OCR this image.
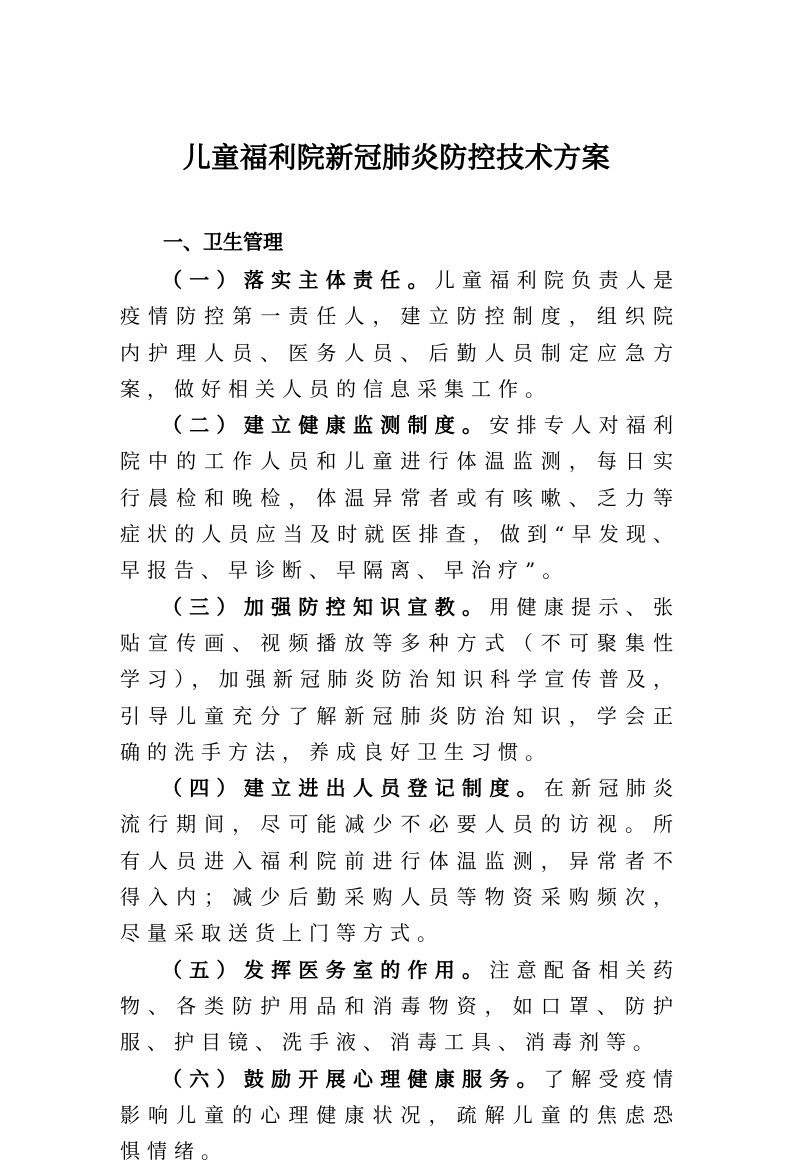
儿童福利院新冠肺炎防控技术方案
一、卫生管理

（一）落实主体责任。儿童福利院负责人是疫情防控第一责任人，建立防控制度，组织院内护理人员、医务人员、后勤人员制定应急方案，做好相关人员的信息采集工作。

（二）建立健康监测制度。安排专人对福利院中的工作人员和儿童进行体温监测，每日实行晨检和晚检，体温异常者或有咳嗽、乏力等症状的人员应当及时就医排查，做到“早发现、早报告、早诊断、早隔离、早治疗”。

（三）加强防控知识宣教。用健康提示、张贴宣传画、视频播放等多种方式（不可聚集性学习），加强新冠肺炎防治知识科学宣传普及，引导儿童充分了解新冠肺炎防治知识，学会正确的洗手方法，养成良好卫生习惯。

（四）建立进出人员登记制度。在新冠肺炎流行期间，尽可能减少不必要人员的访视。所有人员进入福利院前进行体温监测，异常者不得入内；减少后勤采购人员等物资采购频次，尽量采取送货上门等方式。

（五）发挥医务室的作用。注意配备相关药物、各类防护用品和消毒物资，如口罩、防护服、护目镜、洗手液、消毒工具、消毒剂等。

（六）鼓励开展心理健康服务。了解受疫情影响儿童的心理健康状况，疏解儿童的焦虑恐惧情绪。
